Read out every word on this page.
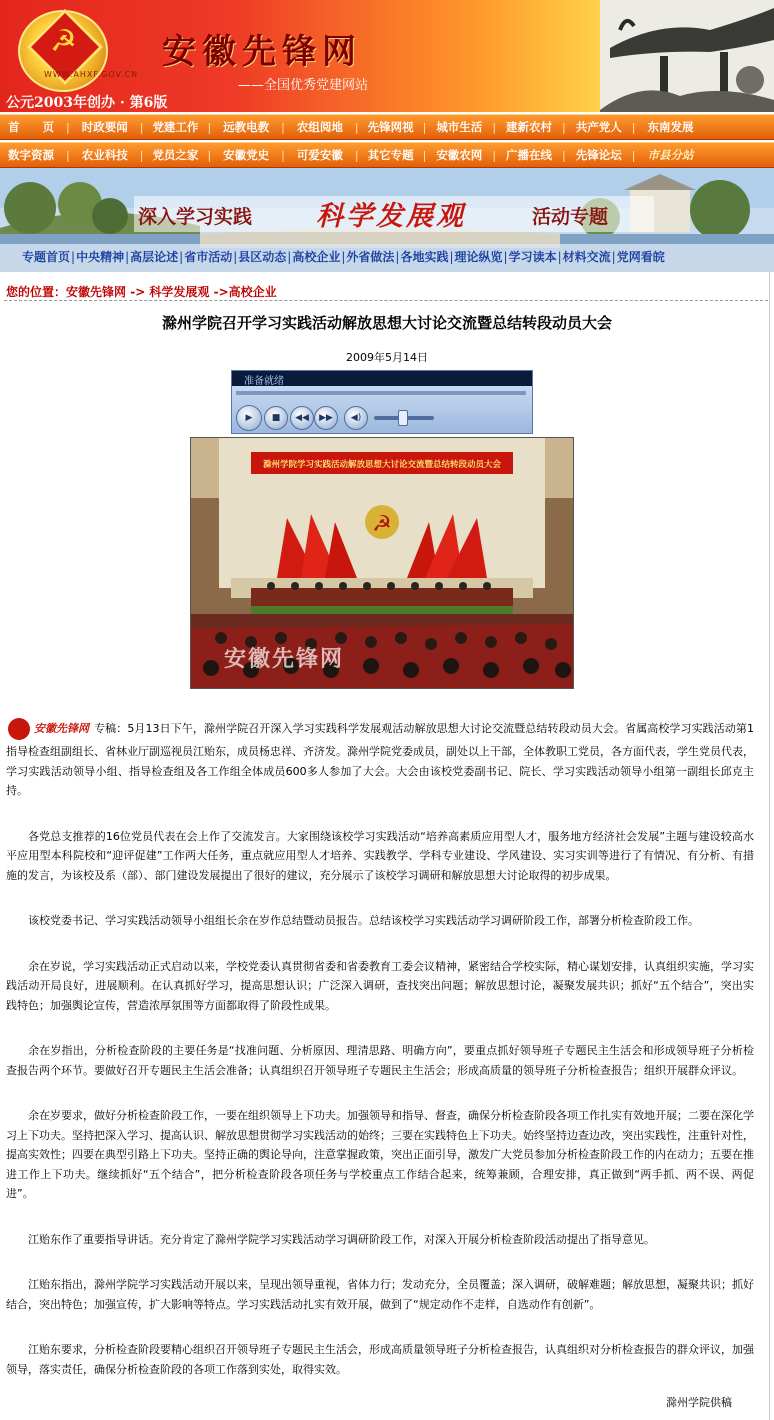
☭
WWW.AHXF.GOV.CN
安徽先锋网
——全国优秀党建网站
公元2003年创办 · 第6版
首　　页	|	时政要闻	| 党建工作 |	远教电教	|	农组阅地	| 先锋网视 | 城市生活 | 建新农村 | 共产党人 |	东南发展
数字资源	|	农业科技	| 党员之家 |	安徽党史	|	可爱安徽	| 其它专题 | 安徽农网 | 广播在线 | 先锋论坛 |	市县分站
深入学习实践 科学发展观	活动专题
专题首页 | 中央精神 | 高层论述 | 省市活动 | 县区动态 | 高校企业 | 外省做法 | 各地实践 | 理论纵览 | 学习读本 | 材料交流 | 党网看皖
您的位置：安徽先锋网 -> 科学发展观 ->高校企业
滁州学院召开学习实践活动解放思想大讨论交流暨总结转段动员大会
2009年5月14日
准备就绪
▶ ■ ◀◀ ▶▶ ◀)
滁州学院学习实践活动解放思想大讨论交流暨总结转段动员大会
☭
安徽先锋网

安徽先锋网 专稿：5月13日下午，滁州学院召开深入学习实践科学发展观活动解放思想大讨论交流暨总结转段动员大会。省属高校学习实践活动第1指导检查组副组长、省林业厅副巡视员江贻东，成员杨忠祥、齐济发。滁州学院党委成员，副处以上干部，全体教职工党员，各方面代表，学生党员代表，学习实践活动领导小组、指导检查组及各工作组全体成员600多人参加了大会。大会由该校党委副书记、院长、学习实践活动领导小组第一副组长邱克主持。

各党总支推荐的16位党员代表在会上作了交流发言。大家围绕该校学习实践活动“培养高素质应用型人才，服务地方经济社会发展”主题与建设较高水平应用型本科院校和“迎评促建”工作两大任务，重点就应用型人才培养、实践教学、学科专业建设、学风建设、实习实训等进行了有情况、有分析、有措施的发言，为该校及系（部）、部门建设发展提出了很好的建议，充分展示了该校学习调研和解放思想大讨论取得的初步成果。

该校党委书记、学习实践活动领导小组组长余在岁作总结暨动员报告。总结该校学习实践活动学习调研阶段工作，部署分析检查阶段工作。

余在岁说，学习实践活动正式启动以来，学校党委认真贯彻省委和省委教育工委会议精神，紧密结合学校实际，精心谋划安排，认真组织实施，学习实践活动开局良好，进展顺利。在认真抓好学习，提高思想认识；广泛深入调研，查找突出问题；解放思想讨论，凝聚发展共识；抓好“五个结合”，突出实践特色；加强舆论宣传，营造浓厚氛围等方面都取得了阶段性成果。

余在岁指出，分析检查阶段的主要任务是“找准问题、分析原因、理清思路、明确方向”，要重点抓好领导班子专题民主生活会和形成领导班子分析检查报告两个环节。要做好召开专题民主生活会准备；认真组织召开领导班子专题民主生活会；形成高质量的领导班子分析检查报告；组织开展群众评议。

余在岁要求，做好分析检查阶段工作，一要在组织领导上下功夫。加强领导和指导、督查，确保分析检查阶段各项工作扎实有效地开展；二要在深化学习上下功夫。坚持把深入学习、提高认识、解放思想贯彻学习实践活动的始终；三要在实践特色上下功夫。始终坚持边查边改，突出实践性，注重针对性，提高实效性；四要在典型引路上下功夫。坚持正确的舆论导向，注意掌握政策，突出正面引导，激发广大党员参加分析检查阶段工作的内在动力；五要在推进工作上下功夫。继续抓好“五个结合”，把分析检查阶段各项任务与学校重点工作结合起来，统筹兼顾，合理安排，真正做到“两手抓、两不误、两促进”。

江贻东作了重要指导讲话。充分肯定了滁州学院学习实践活动学习调研阶段工作，对深入开展分析检查阶段活动提出了指导意见。

江贻东指出，滁州学院学习实践活动开展以来，呈现出领导重视，省体力行；发动充分，全员覆盖；深入调研，破解难题；解放思想，凝聚共识；抓好结合，突出特色；加强宣传，扩大影响等特点。学习实践活动扎实有效开展，做到了“规定动作不走样，自选动作有创新”。

江贻东要求，分析检查阶段要精心组织召开领导班子专题民主生活会，形成高质量领导班子分析检查报告，认真组织对分析检查报告的群众评议，加强领导，落实责任，确保分析检查阶段的各项工作落到实处，取得实效。

滁州学院供稿
